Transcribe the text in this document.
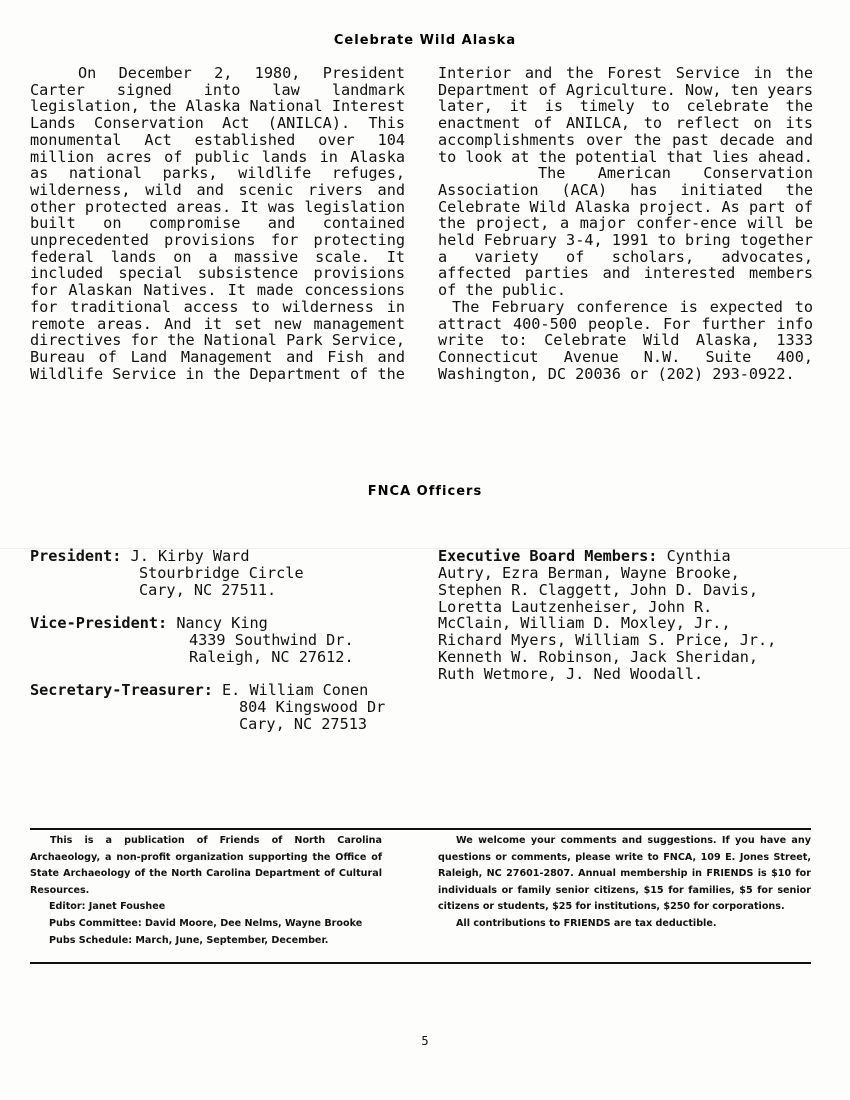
Celebrate Wild Alaska

On December 2, 1980, President Carter signed into law landmark legislation, the Alaska National Interest Lands Conservation Act (ANILCA). This monumental Act established over 104 million acres of public lands in Alaska as national parks, wildlife refuges, wilderness, wild and scenic rivers and other protected areas. It was legislation built on compromise and contained unprecedented provisions for protecting federal lands on a massive scale. It included special subsistence provisions for Alaskan Natives. It made concessions for traditional access to wilderness in remote areas. And it set new management directives for the National Park Service, Bureau of Land Management and Fish and Wildlife Service in the Department of the

Interior and the Forest Service in the Department of Agriculture. Now, ten years later, it is timely to celebrate the enactment of ANILCA, to reflect on its accomplishments over the past decade and to look at the potential that lies ahead.

The American Conservation Association (ACA) has initiated the Celebrate Wild Alaska project. As part of the project, a major confer-ence will be held February 3-4, 1991 to bring together a variety of scholars, advocates, affected parties and interested members of the public.

The February conference is expected to attract 400-500 people. For further info write to: Celebrate Wild Alaska, 1333 Connecticut Avenue N.W. Suite 400, Washington, DC 20036 or (202) 293-0922.

FNCA Officers
President: J. Kirby Ward
Stourbridge Circle
Cary, NC 27511.
Vice-President: Nancy King
4339 Southwind Dr.
Raleigh, NC 27612.
Secretary-Treasurer: E. William Conen
804 Kingswood Dr
Cary, NC 27513
Executive Board Members: Cynthia
Autry, Ezra Berman, Wayne Brooke,
Stephen R. Claggett, John D. Davis,
Loretta Lautzenheiser, John R.
McClain, William D. Moxley, Jr.,
Richard Myers, William S. Price, Jr.,
Kenneth W. Robinson, Jack Sheridan,
Ruth Wetmore, J. Ned Woodall.

This is a publication of Friends of North Carolina Archaeology, a non-profit organization supporting the Office of State Archaeology of the North Carolina Department of Cultural Resources.

Editor: Janet Foushee

Pubs Committee: David Moore, Dee Nelms, Wayne Brooke

Pubs Schedule: March, June, September, December.

We welcome your comments and suggestions. If you have any questions or comments, please write to FNCA, 109 E. Jones Street, Raleigh, NC 27601-2807. Annual membership in FRIENDS is $10 for individuals or family senior citizens, $15 for families, $5 for senior citizens or students, $25 for institutions, $250 for corporations.

All contributions to FRIENDS are tax deductible.

5
